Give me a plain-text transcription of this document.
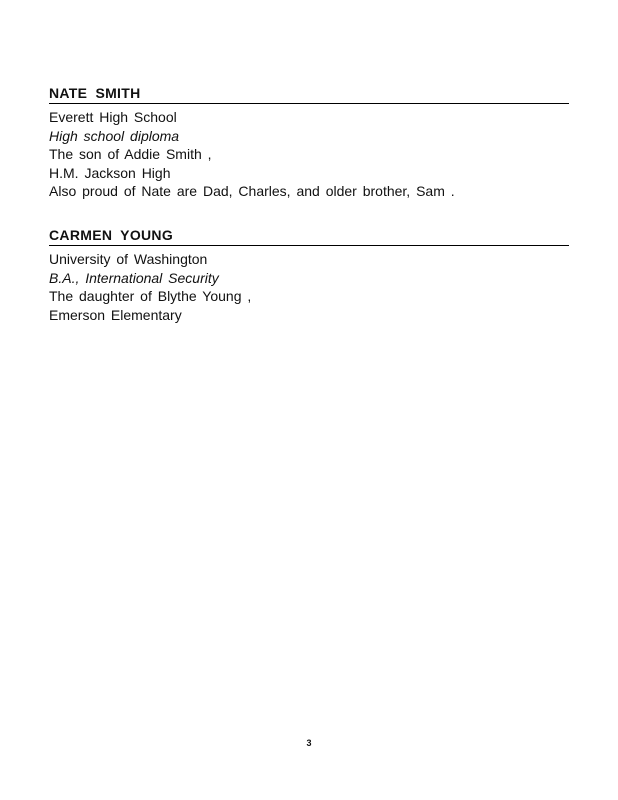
NATE SMITH
Everett High School
High school diploma
The son of Addie Smith ,
H.M. Jackson High
Also proud of Nate are Dad, Charles, and older brother, Sam .
CARMEN YOUNG
University of Washington
B.A., International Security
The daughter of Blythe Young ,
Emerson Elementary
3
